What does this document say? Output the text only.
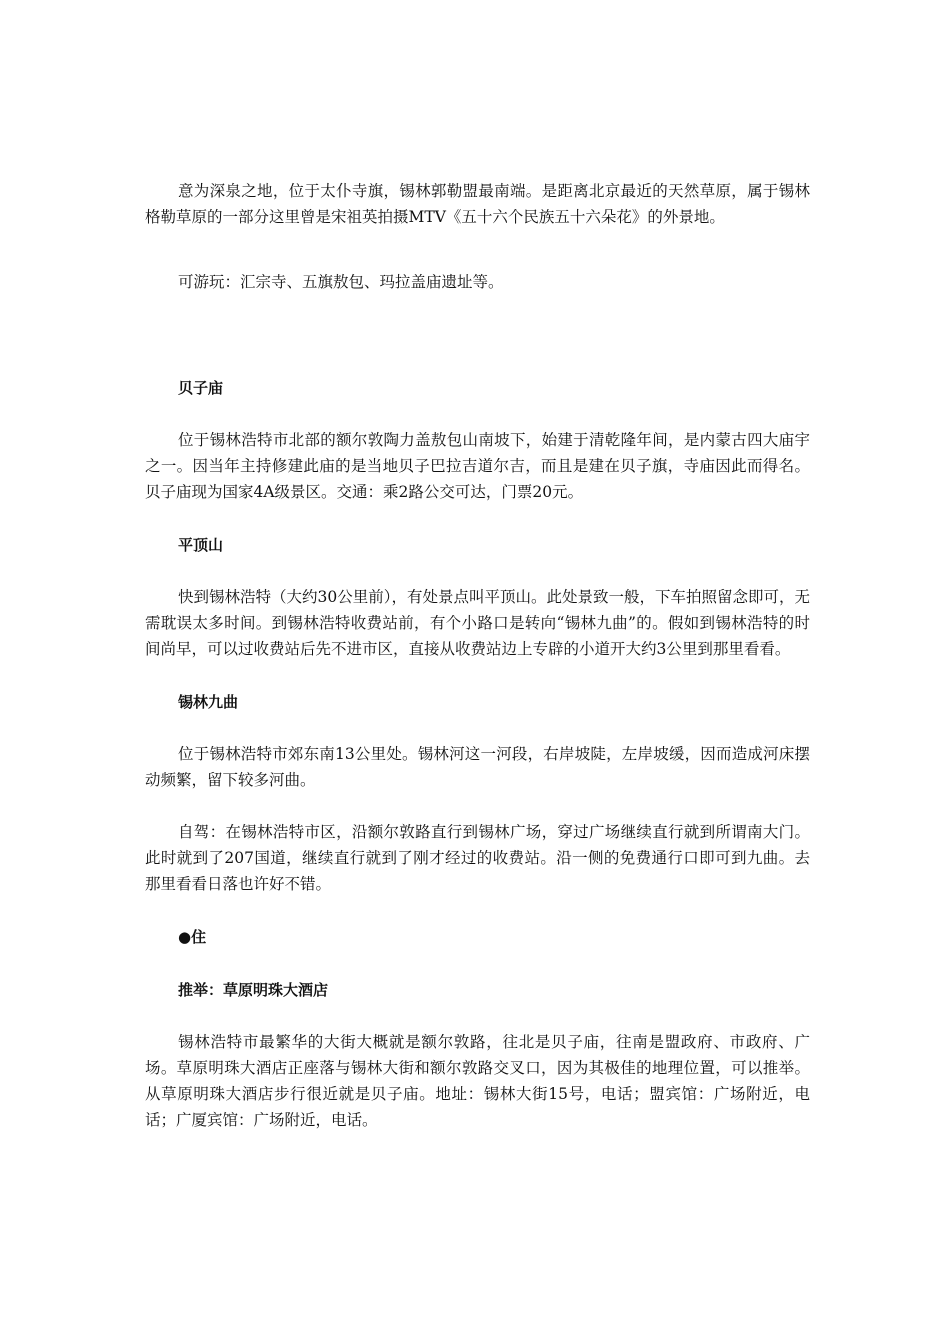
意为深泉之地，位于太仆寺旗，锡林郭勒盟最南端。是距离北京最近的天然草原，属于锡林格勒草原的一部分这里曾是宋祖英拍摄MTV《五十六个民族五十六朵花》的外景地。

可游玩：汇宗寺、五旗敖包、玛拉盖庙遗址等。

贝子庙

位于锡林浩特市北部的额尔敦陶力盖敖包山南坡下，始建于清乾隆年间，是内蒙古四大庙宇之一。因当年主持修建此庙的是当地贝子巴拉吉道尔吉，而且是建在贝子旗，寺庙因此而得名。贝子庙现为国家4A级景区。交通：乘2路公交可达，门票20元。

平顶山

快到锡林浩特（大约30公里前），有处景点叫平顶山。此处景致一般，下车拍照留念即可，无需耽误太多时间。到锡林浩特收费站前，有个小路口是转向“锡林九曲”的。假如到锡林浩特的时间尚早，可以过收费站后先不进市区，直接从收费站边上专辟的小道开大约3公里到那里看看。

锡林九曲

位于锡林浩特市郊东南13公里处。锡林河这一河段，右岸坡陡，左岸坡缓，因而造成河床摆动频繁，留下较多河曲。

自驾：在锡林浩特市区，沿额尔敦路直行到锡林广场，穿过广场继续直行就到所谓南大门。此时就到了207国道，继续直行就到了刚才经过的收费站。沿一侧的免费通行口即可到九曲。去那里看看日落也许好不错。

●住

推举：草原明珠大酒店

锡林浩特市最繁华的大街大概就是额尔敦路，往北是贝子庙，往南是盟政府、市政府、广场。草原明珠大酒店正座落与锡林大街和额尔敦路交叉口，因为其极佳的地理位置，可以推举。从草原明珠大酒店步行很近就是贝子庙。地址：锡林大街15号，电话；盟宾馆：广场附近，电话；广厦宾馆：广场附近，电话。
